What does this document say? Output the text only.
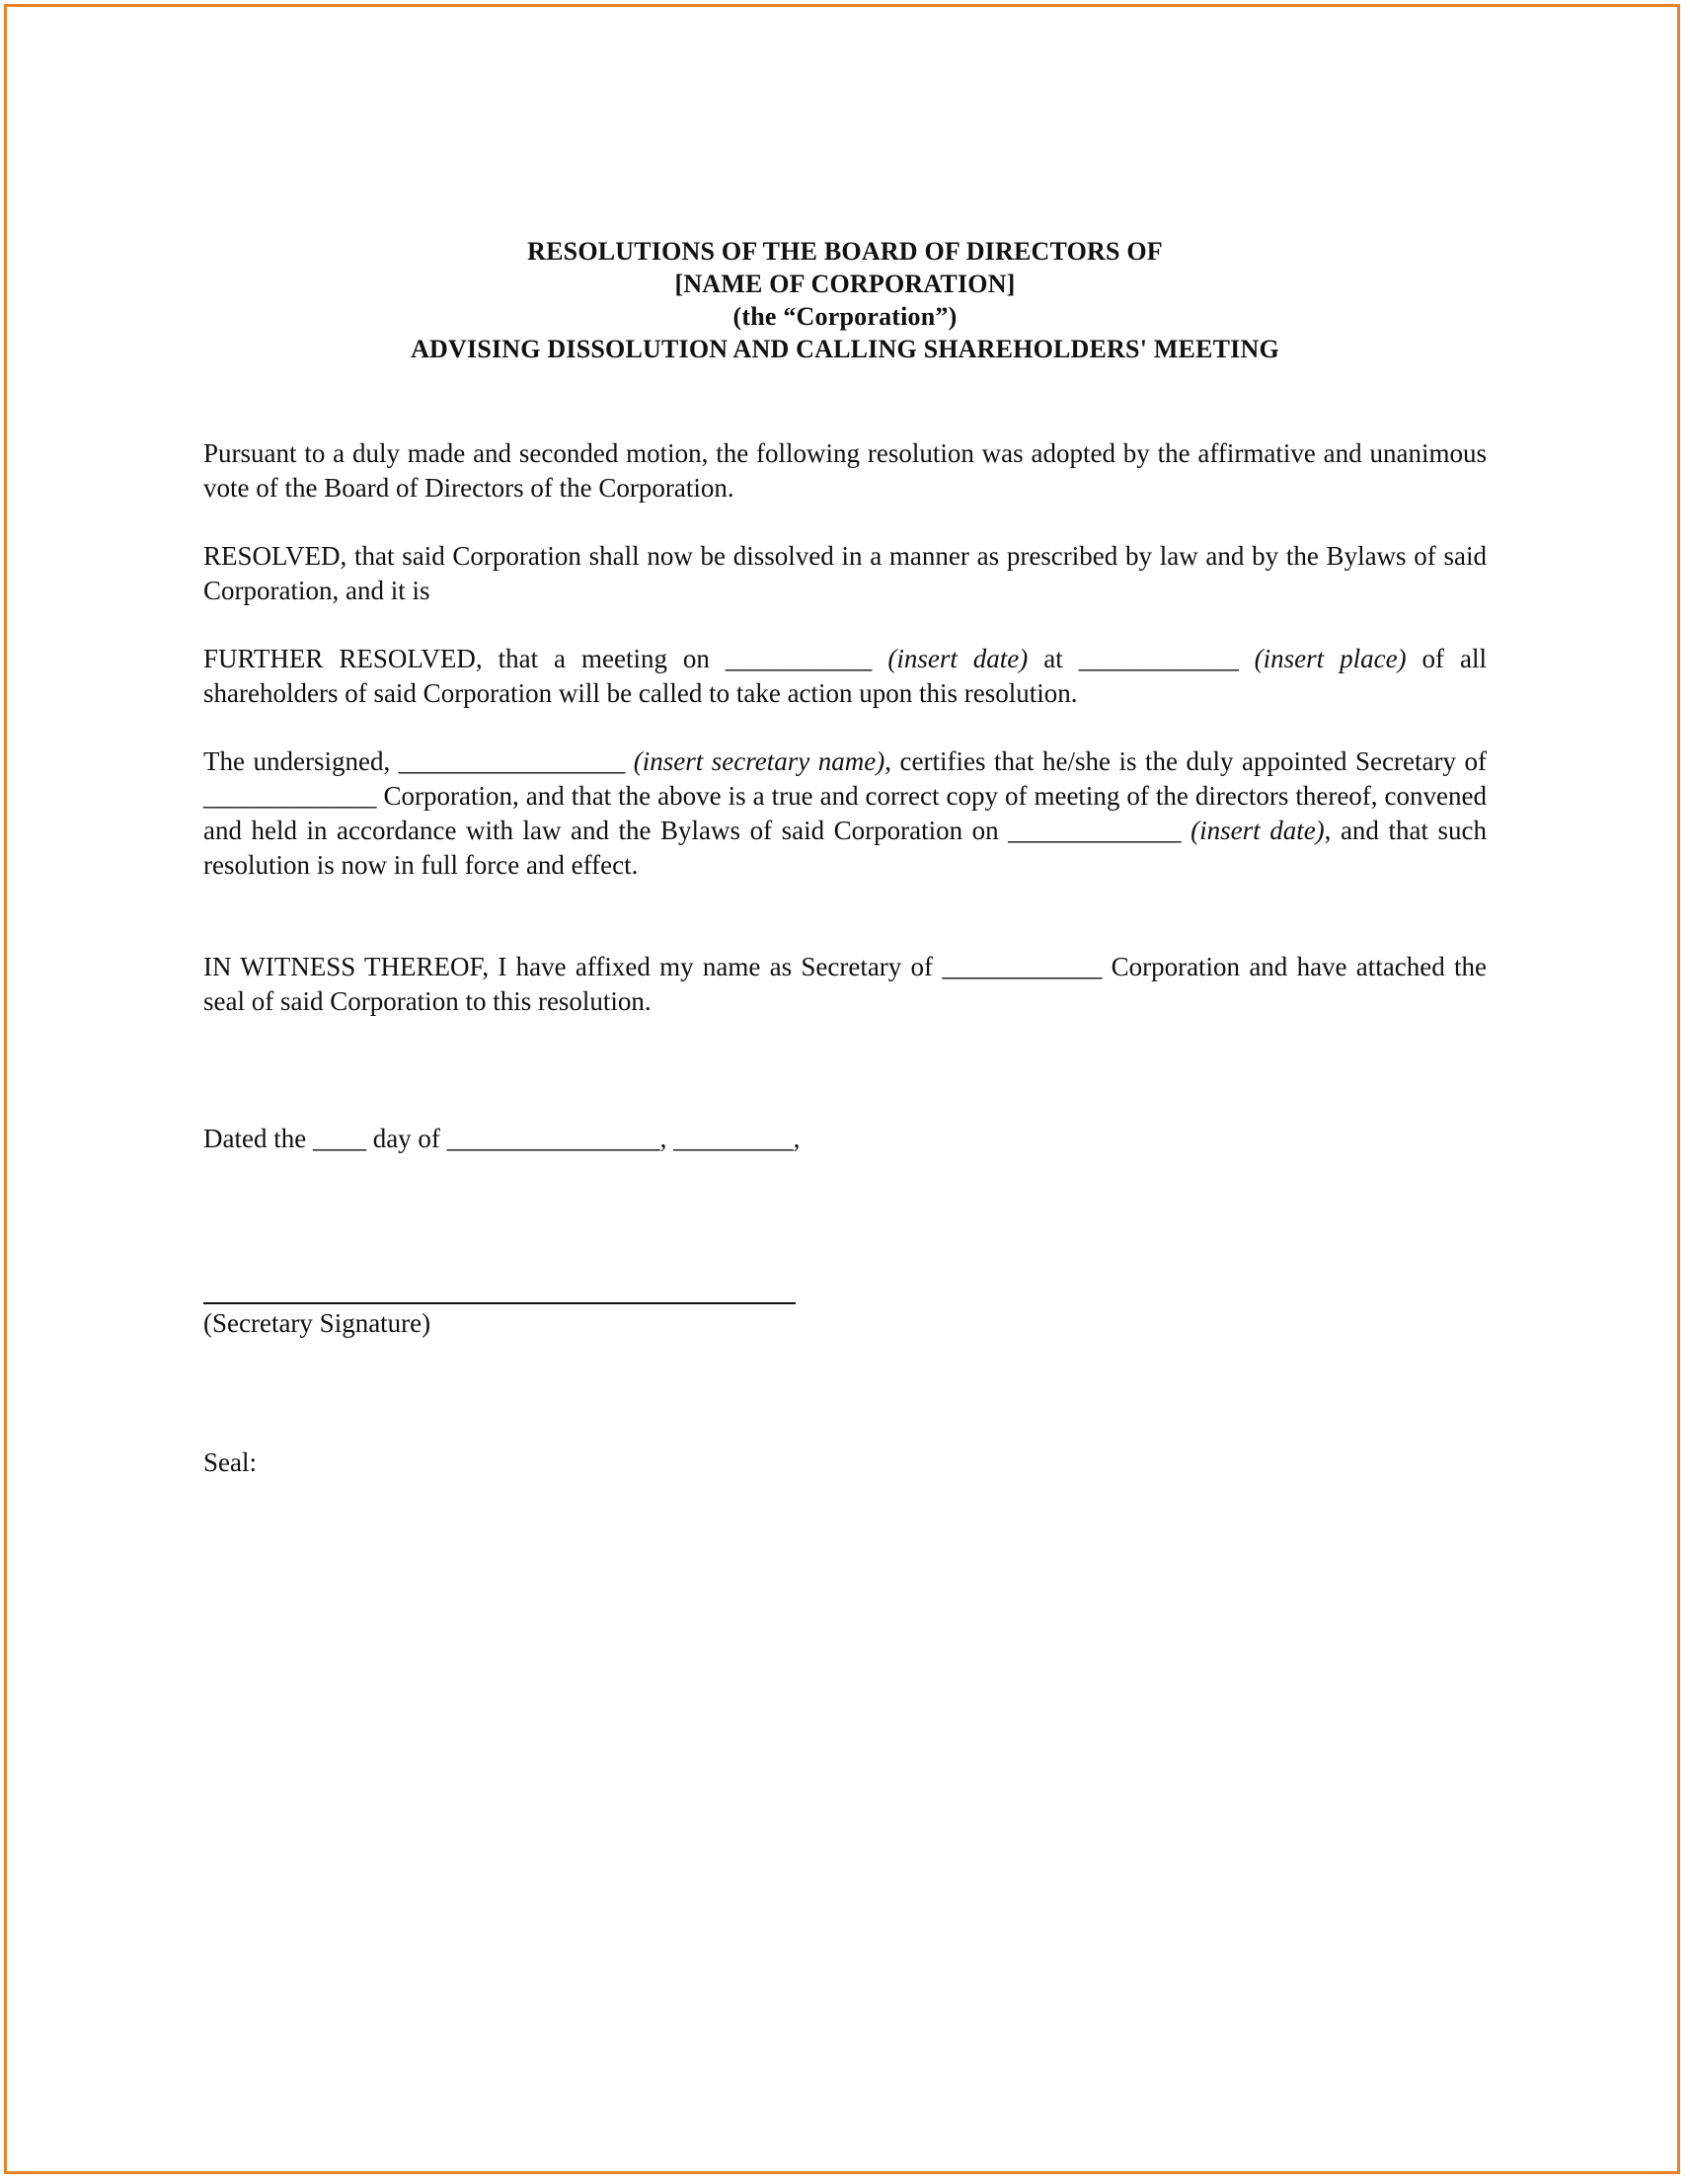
RESOLUTIONS OF THE BOARD OF DIRECTORS OF
[NAME OF CORPORATION]
(the “Corporation”)
ADVISING DISSOLUTION AND CALLING SHAREHOLDERS' MEETING

Pursuant to a duly made and seconded motion, the following resolution was adopted by the affirmative and unanimous vote of the Board of Directors of the Corporation.

RESOLVED, that said Corporation shall now be dissolved in a manner as prescribed by law and by the Bylaws of said Corporation, and it is

FURTHER RESOLVED, that a meeting on ___________ (insert date) at ____________ (insert place) of all shareholders of said Corporation will be called to take action upon this resolution.

The undersigned, _________________ (insert secretary name), certifies that he/she is the duly appointed Secretary of _____________ Corporation, and that the above is a true and correct copy of meeting of the directors thereof, convened and held in accordance with law and the Bylaws of said Corporation on _____________ (insert date), and that such resolution is now in full force and effect.

IN WITNESS THEREOF, I have affixed my name as Secretary of ____________ Corporation and have attached the seal of said Corporation to this resolution.

Dated the ____ day of ________________, _________,

(Secretary Signature)
Seal:
